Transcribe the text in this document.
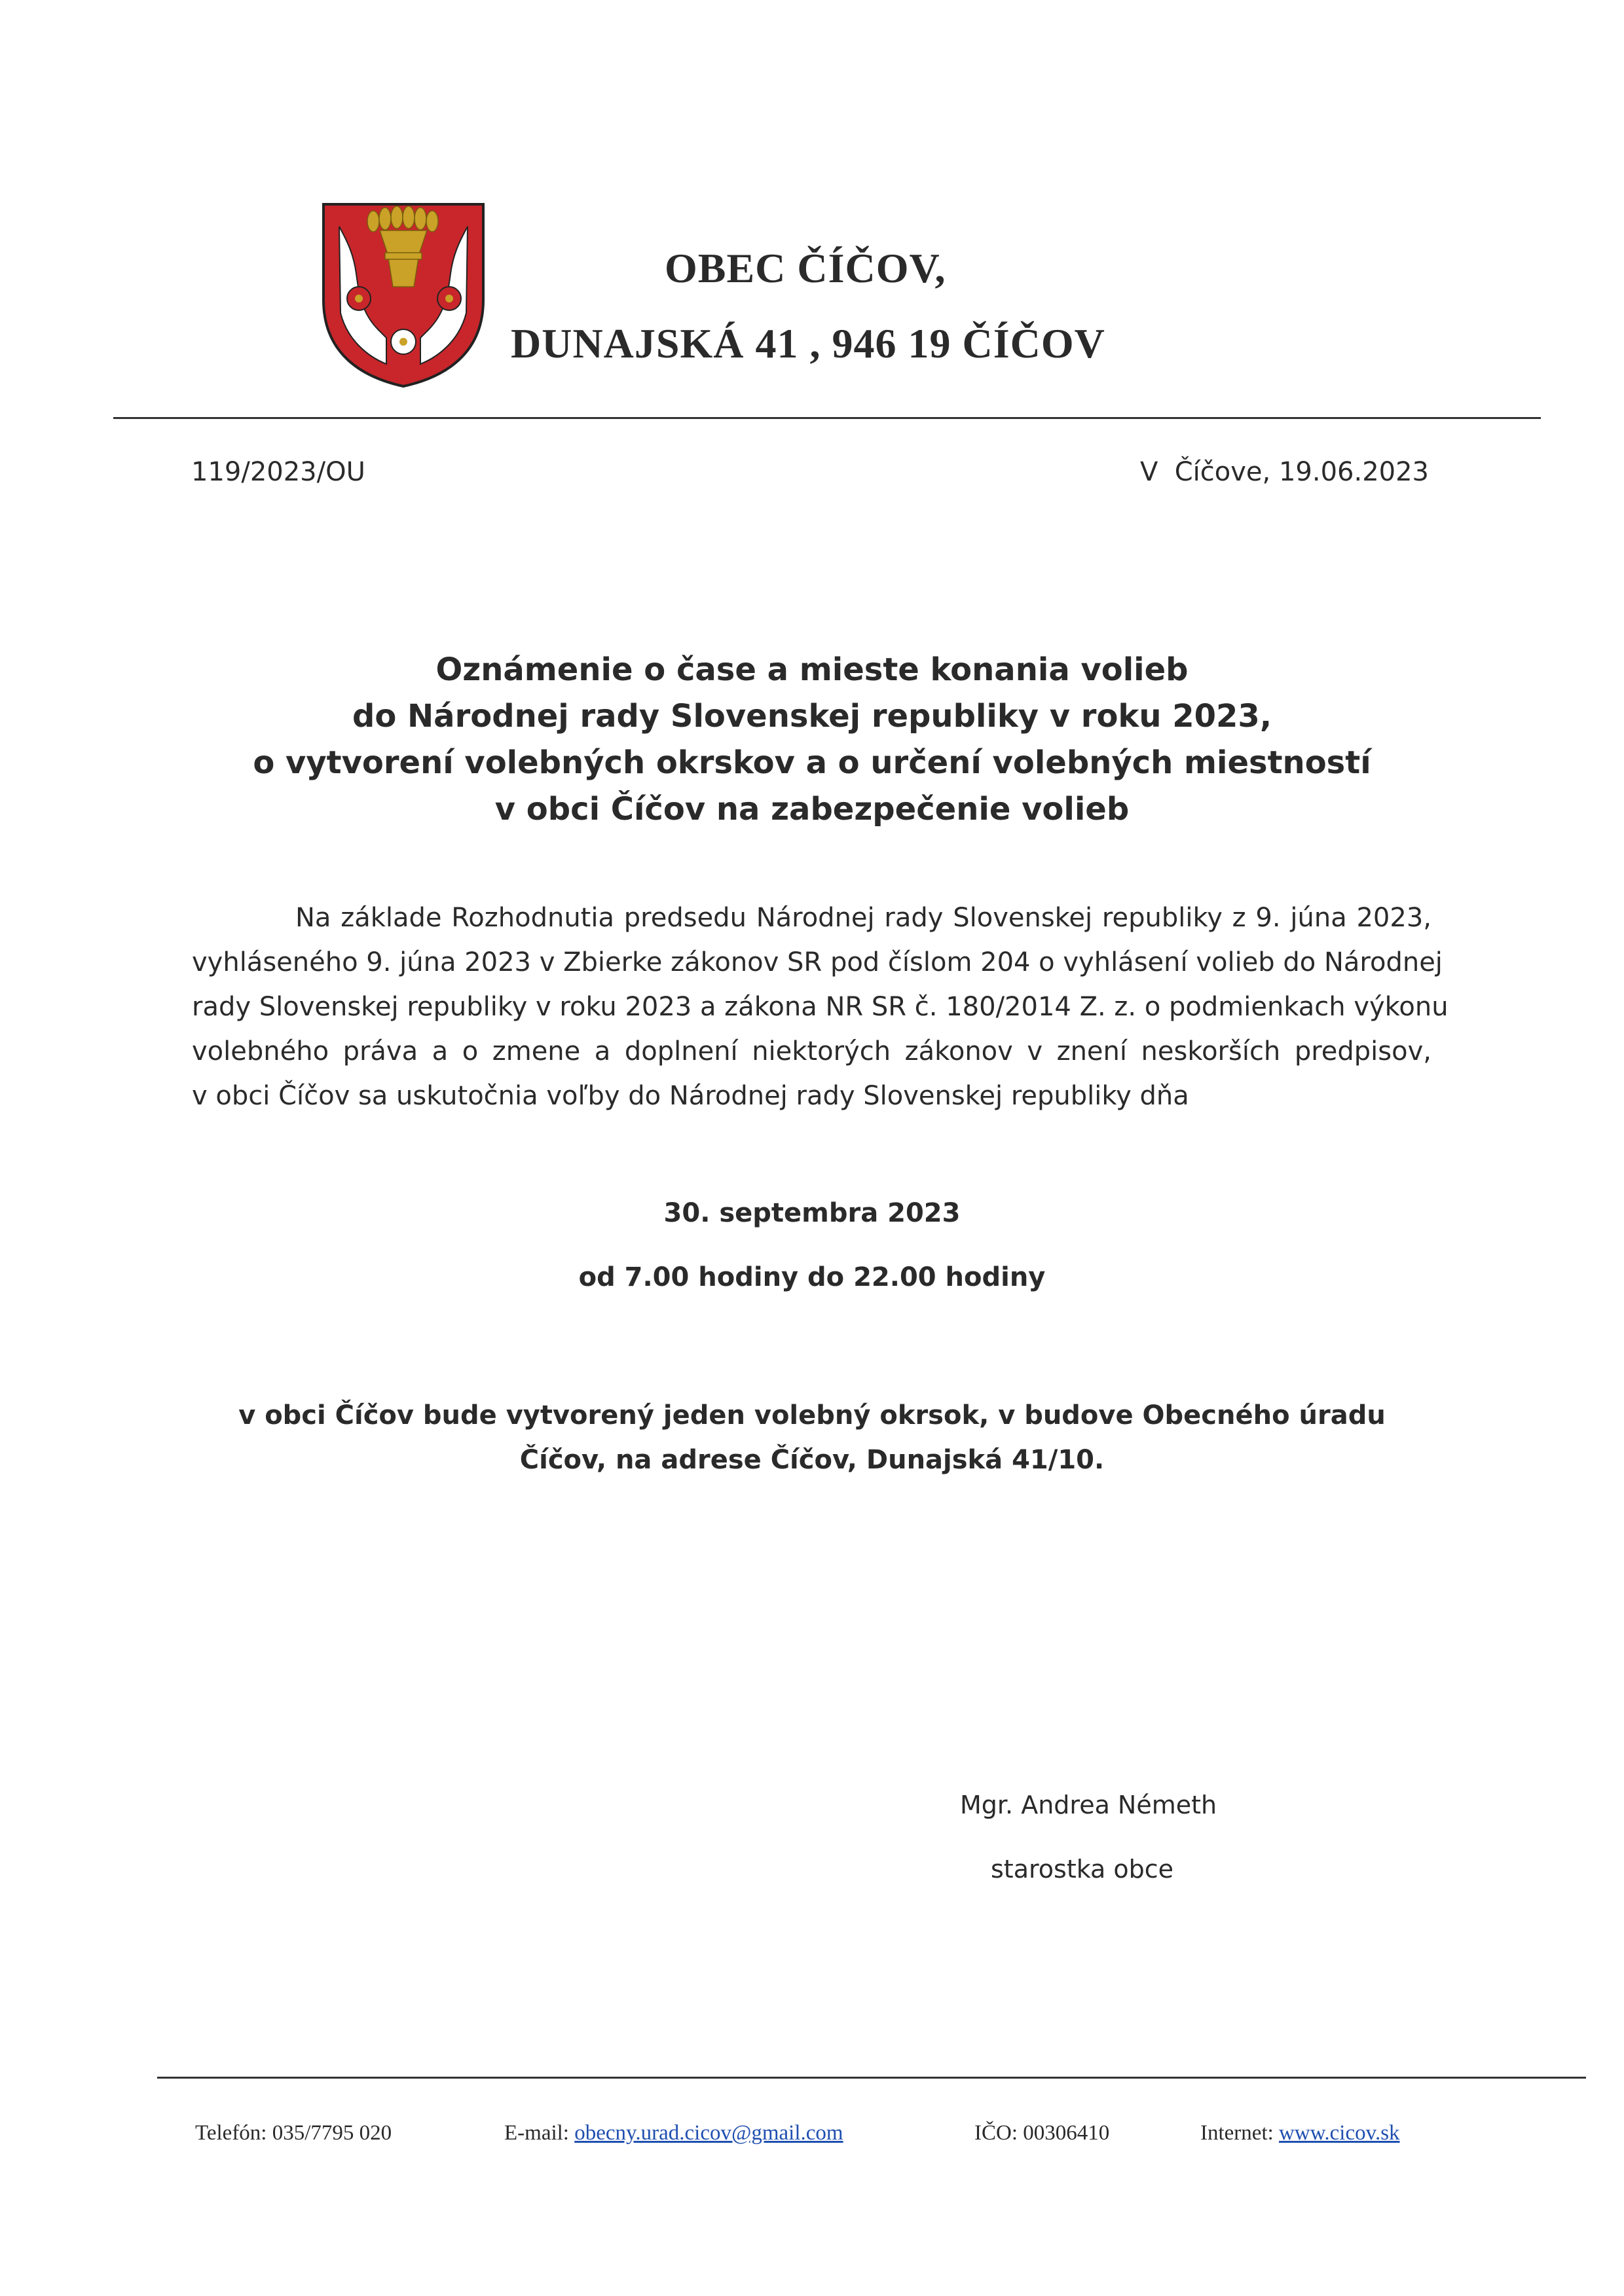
OBEC ČÍČOV,
DUNAJSKÁ 41 , 946 19 ČÍČOV
119/2023/OU	V  Číčove, 19.06.2023
Oznámenie o čase a mieste konania volieb
do Národnej rady Slovenskej republiky v roku 2023,
o vytvorení volebných okrskov a o určení volebných miestností
v obci Číčov na zabezpečenie volieb
Na základe Rozhodnutia predsedu Národnej rady Slovenskej republiky z 9. júna 2023,
vyhláseného 9. júna 2023 v Zbierke zákonov SR pod číslom 204 o vyhlásení volieb do Národnej
rady Slovenskej republiky v roku 2023 a zákona NR SR č. 180/2014 Z. z. o podmienkach výkonu
volebného práva a o zmene a doplnení niektorých zákonov v znení neskorších predpisov,
v obci Číčov sa uskutočnia voľby do Národnej rady Slovenskej republiky dňa
30. septembra 2023
od 7.00 hodiny do 22.00 hodiny
v obci Číčov bude vytvorený jeden volebný okrsok, v budove Obecného úradu
Číčov, na adrese Číčov, Dunajská 41/10.
Mgr. Andrea Németh
starostka obce
Telefón: 035/7795 020	E-mail: obecny.urad.cicov@gmail.com	IČO: 00306410	Internet: www.cicov.sk
